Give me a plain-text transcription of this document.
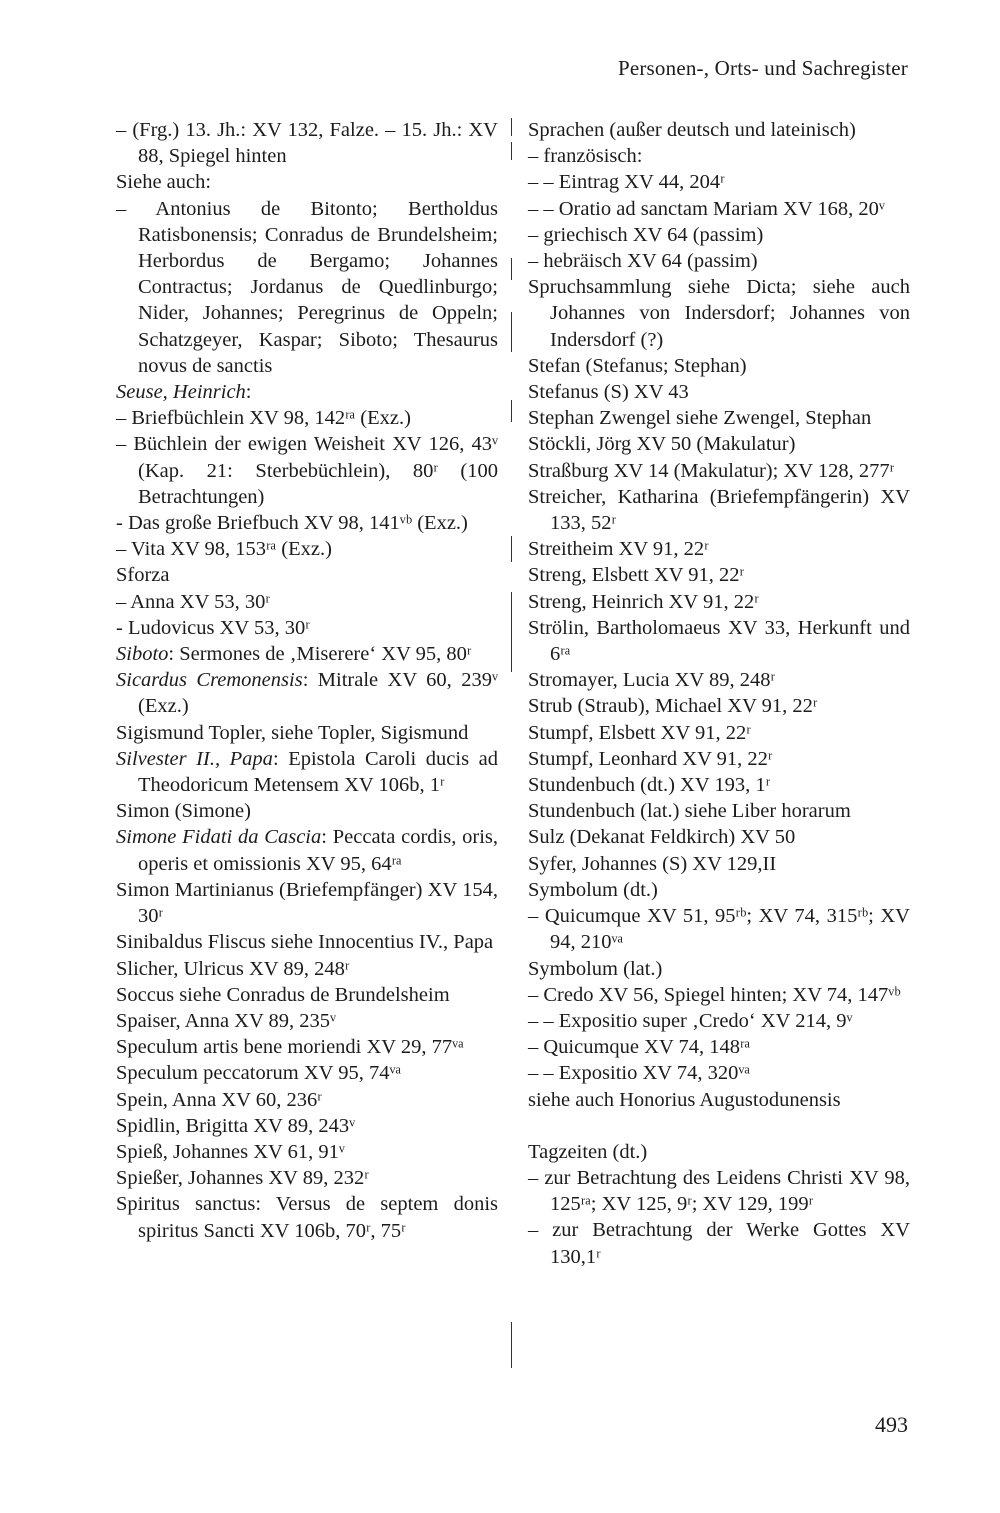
Personen-, Orts- und Sachregister
– (Frg.) 13. Jh.: XV 132, Falze. – 15. Jh.: XV 88, Spiegel hinten
Siehe auch:
– Antonius de Bitonto; Bertholdus Ratisbonensis; Conradus de Brundelsheim; Herbordus de Bergamo; Johannes Contractus; Jordanus de Quedlinburgo; Nider, Johannes; Peregrinus de Oppeln; Schatzgeyer, Kaspar; Siboto; Thesaurus novus de sanctis
Seuse, Heinrich:
– Briefbüchlein XV 98, 142ʳᵃ (Exz.)
– Büchlein der ewigen Weisheit XV 126, 43ᵛ (Kap. 21: Sterbebüchlein), 80ʳ (100 Betrachtungen)
- Das große Briefbuch XV 98, 141ᵛᵇ (Exz.)
– Vita XV 98, 153ʳᵃ (Exz.)
Sforza
– Anna XV 53, 30ʳ
- Ludovicus XV 53, 30ʳ
Siboto: Sermones de ‚Miserere‘ XV 95, 80ʳ
Sicardus Cremonensis: Mitrale XV 60, 239ᵛ (Exz.)
Sigismund Topler, siehe Topler, Sigismund
Silvester II., Papa: Epistola Caroli ducis ad Theodoricum Metensem XV 106b, 1ʳ
Simon (Simone)
Simone Fidati da Cascia: Peccata cordis, oris, operis et omissionis XV 95, 64ʳᵃ
Simon Martinianus (Briefempfänger) XV 154, 30ʳ
Sinibaldus Fliscus siehe Innocentius IV., Papa
Slicher, Ulricus XV 89, 248ʳ
Soccus siehe Conradus de Brundelsheim
Spaiser, Anna XV 89, 235ᵛ
Speculum artis bene moriendi XV 29, 77ᵛᵃ
Speculum peccatorum XV 95, 74ᵛᵃ
Spein, Anna XV 60, 236ʳ
Spidlin, Brigitta XV 89, 243ᵛ
Spieß, Johannes XV 61, 91ᵛ
Spießer, Johannes XV 89, 232ʳ
Spiritus sanctus: Versus de septem donis spiritus Sancti XV 106b, 70ʳ, 75ʳ
Sprachen (außer deutsch und lateinisch)
– französisch:
– – Eintrag XV 44, 204ʳ
– – Oratio ad sanctam Mariam XV 168, 20ᵛ
– griechisch XV 64 (passim)
– hebräisch XV 64 (passim)
Spruchsammlung siehe Dicta; siehe auch Johannes von Indersdorf; Johannes von Indersdorf (?)
Stefan (Stefanus; Stephan)
Stefanus (S) XV 43
Stephan Zwengel siehe Zwengel, Stephan
Stöckli, Jörg XV 50 (Makulatur)
Straßburg XV 14 (Makulatur); XV 128, 277ʳ
Streicher, Katharina (Briefempfängerin) XV 133, 52ʳ
Streitheim XV 91, 22ʳ
Streng, Elsbett XV 91, 22ʳ
Streng, Heinrich XV 91, 22ʳ
Strölin, Bartholomaeus XV 33, Herkunft und 6ʳᵃ
Stromayer, Lucia XV 89, 248ʳ
Strub (Straub), Michael XV 91, 22ʳ
Stumpf, Elsbett XV 91, 22ʳ
Stumpf, Leonhard XV 91, 22ʳ
Stundenbuch (dt.) XV 193, 1ʳ
Stundenbuch (lat.) siehe Liber horarum
Sulz (Dekanat Feldkirch) XV 50
Syfer, Johannes (S) XV 129,II
Symbolum (dt.)
– Quicumque XV 51, 95ʳᵇ; XV 74, 315ʳᵇ; XV 94, 210ᵛᵃ
Symbolum (lat.)
– Credo XV 56, Spiegel hinten; XV 74, 147ᵛᵇ
– – Expositio super ‚Credo‘ XV 214, 9ᵛ
– Quicumque XV 74, 148ʳᵃ
– – Expositio XV 74, 320ᵛᵃ
siehe auch Honorius Augustodunensis
Tagzeiten (dt.)
– zur Betrachtung des Leidens Christi XV 98, 125ʳᵃ; XV 125, 9ʳ; XV 129, 199ʳ
– zur Betrachtung der Werke Gottes XV 130,1ʳ
493
